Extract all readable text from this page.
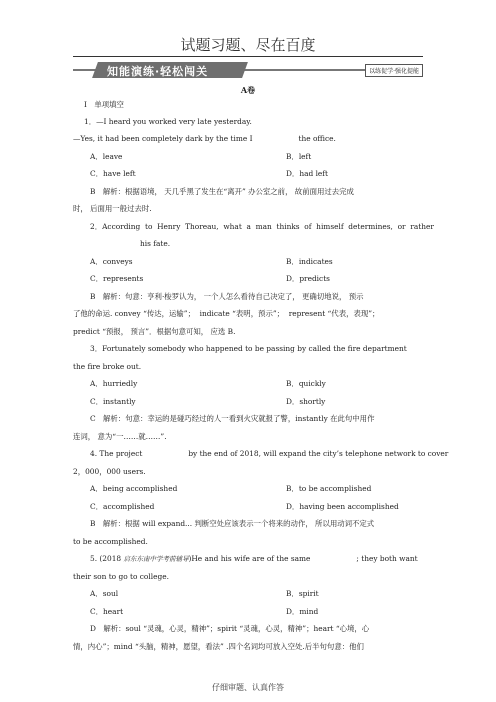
试题习题、尽在百度
知能演练·轻松闯关	以练促学·强化提能
A卷
Ⅰ　 单项填空
1．—I heard you worked very late yesterday.
—Yes, it had been completely dark by the time I	the office.
A．leave	B．left
C．have left	D．had left
B　解析：根据语境， 天几乎黑了发生在“离开” 办公室之前， 故前面用过去完成
时， 后面用一般过去时.
2．According  to  Henry  Thoreau,  what  a  man  thinks  of  himself  determines,  or  rather
his fate.
A．conveys	B．indicates
C．represents	D．predicts
B　解析：句意：亨利·梭罗认为， 一个人怎么看待自己决定了， 更确切地说， 预示
了他的命运. convey “传达，运输”；  indicate “表明，预示”；  represent “代表，表现”；
predict “预报， 预言”．根据句意可知， 应选 B.
3．Fortunately somebody who happened to be passing by called the fire department
the fire broke out.
A．hurriedly	B．quickly
C．instantly	D．shortly
C　解析：句意：幸运的是碰巧经过的人一看到火灾就报了警，instantly 在此句中用作
连词， 意为“一……就……”.
4. The project	by the end of 2018, will expand the city’s telephone network to cover
2，000，000 users.
A．being accomplished	B．to be accomplished
C．accomplished	D．having been accomplished
B　解析：根据 will expand... 判断空处应该表示一个将来的动作， 所以用动词不定式
to be accomplished.
5. (2018 启东东南中学考前辅导)He and his wife are of the same	; they both want
their son to go to college.
A．soul	B．spirit
C．heart	D．mind
D　解析：soul “灵魂，心灵，精神”；spirit “灵魂，心灵，精神”；heart “心境，心
情，内心”；mind “头脑，精神，愿望，看法” .四个名词均可放入空处.后半句句意：他们
仔细审题、认真作答
